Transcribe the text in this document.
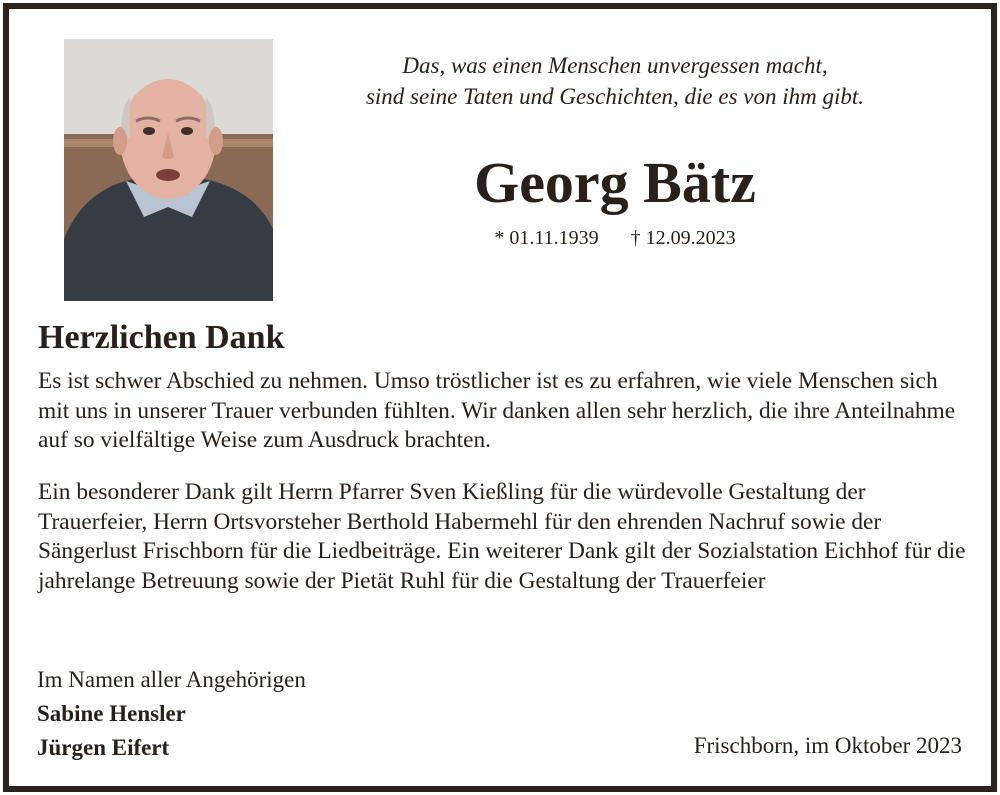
Das, was einen Menschen unvergessen macht,
sind seine Taten und Geschichten, die es von ihm gibt.
Georg Bätz
* 01.11.1939 † 12.09.2023
Herzlichen Dank

Es ist schwer Abschied zu nehmen. Umso tröstlicher ist es zu erfahren, wie viele Menschen sich mit uns in unserer Trauer verbunden fühlten. Wir danken allen sehr herzlich, die ihre Anteilnahme auf so vielfältige Weise zum Ausdruck brachten.

Ein besonderer Dank gilt Herrn Pfarrer Sven Kießling für die würdevolle Gestaltung der Trauerfeier, Herrn Ortsvorsteher Berthold Habermehl für den ehrenden Nachruf sowie der Sängerlust Frischborn für die Liedbeiträge. Ein weiterer Dank gilt der Sozialstation Eichhof für die jahrelange Betreuung sowie der Pietät Ruhl für die Gestaltung der Trauerfeier

Im Namen aller Angehörigen
Sabine Hensler
Jürgen Eifert	Frischborn, im Oktober 2023
